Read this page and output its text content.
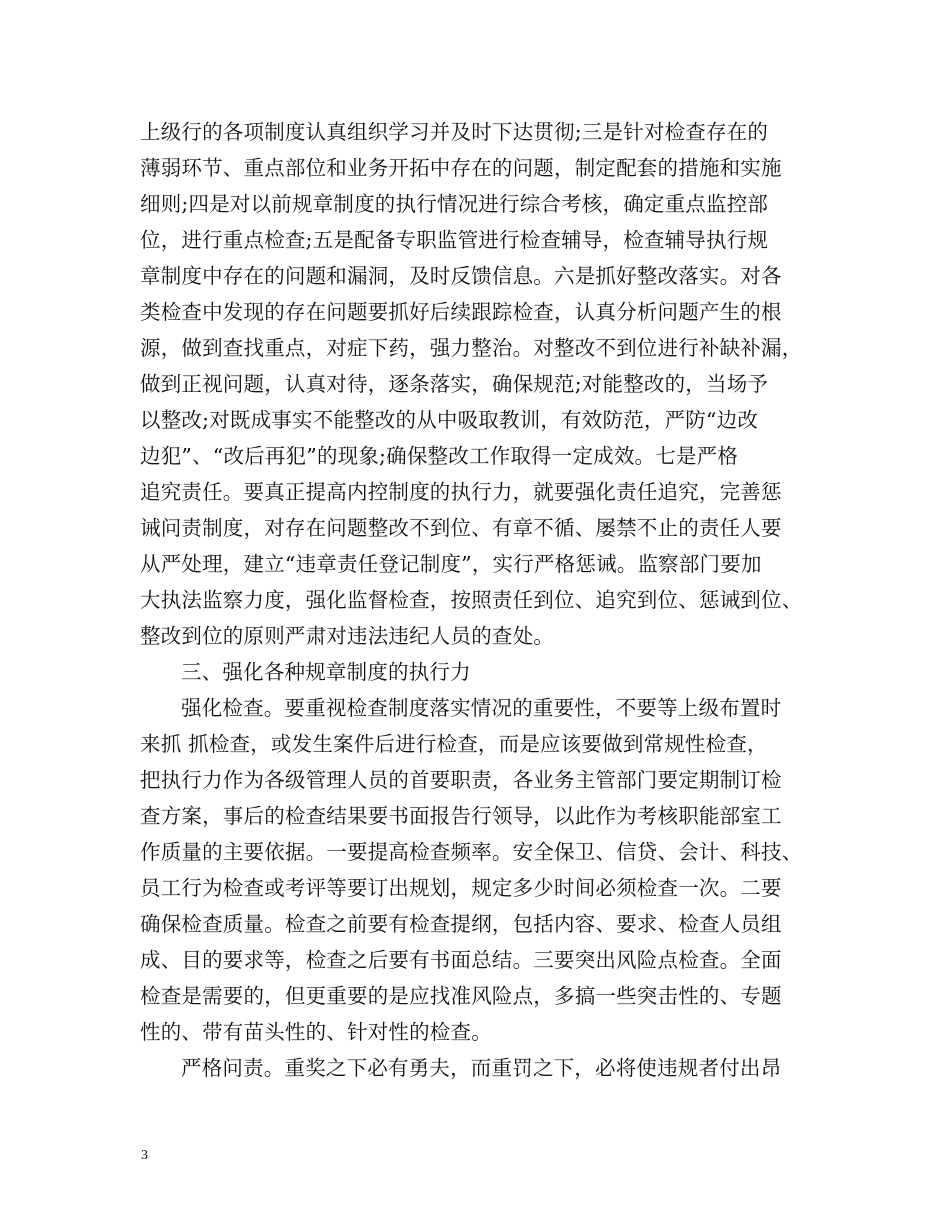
上级行的各项制度认真组织学习并及时下达贯彻;三是针对检查存在的
薄弱环节、重点部位和业务开拓中存在的问题，制定配套的措施和实施
细则;四是对以前规章制度的执行情况进行综合考核，确定重点监控部
位，进行重点检查;五是配备专职监管进行检查辅导，检查辅导执行规
章制度中存在的问题和漏洞，及时反馈信息。六是抓好整改落实。对各
类检查中发现的存在问题要抓好后续跟踪检查，认真分析问题产生的根
源，做到查找重点，对症下药，强力整治。对整改不到位进行补缺补漏，
做到正视问题，认真对待，逐条落实，确保规范;对能整改的，当场予
以整改;对既成事实不能整改的从中吸取教训，有效防范，严防“边改
边犯”、“改后再犯”的现象;确保整改工作取得一定成效。七是严格
追究责任。要真正提高内控制度的执行力，就要强化责任追究，完善惩
诫问责制度，对存在问题整改不到位、有章不循、屡禁不止的责任人要
从严处理，建立“违章责任登记制度”，实行严格惩诫。监察部门要加
大执法监察力度，强化监督检查，按照责任到位、追究到位、惩诫到位、
整改到位的原则严肃对违法违纪人员的查处。
三、强化各种规章制度的执行力
强化检查。要重视检查制度落实情况的重要性，不要等上级布置时
来抓 抓检查，或发生案件后进行检查，而是应该要做到常规性检查，
把执行力作为各级管理人员的首要职责，各业务主管部门要定期制订检
查方案，事后的检查结果要书面报告行领导，以此作为考核职能部室工
作质量的主要依据。一要提高检查频率。安全保卫、信贷、会计、科技、
员工行为检查或考评等要订出规划，规定多少时间必须检查一次。二要
确保检查质量。检查之前要有检查提纲，包括内容、要求、检查人员组
成、目的要求等，检查之后要有书面总结。三要突出风险点检查。全面
检查是需要的，但更重要的是应找准风险点，多搞一些突击性的、专题
性的、带有苗头性的、针对性的检查。
严格问责。重奖之下必有勇夫，而重罚之下，必将使违规者付出昂
3
